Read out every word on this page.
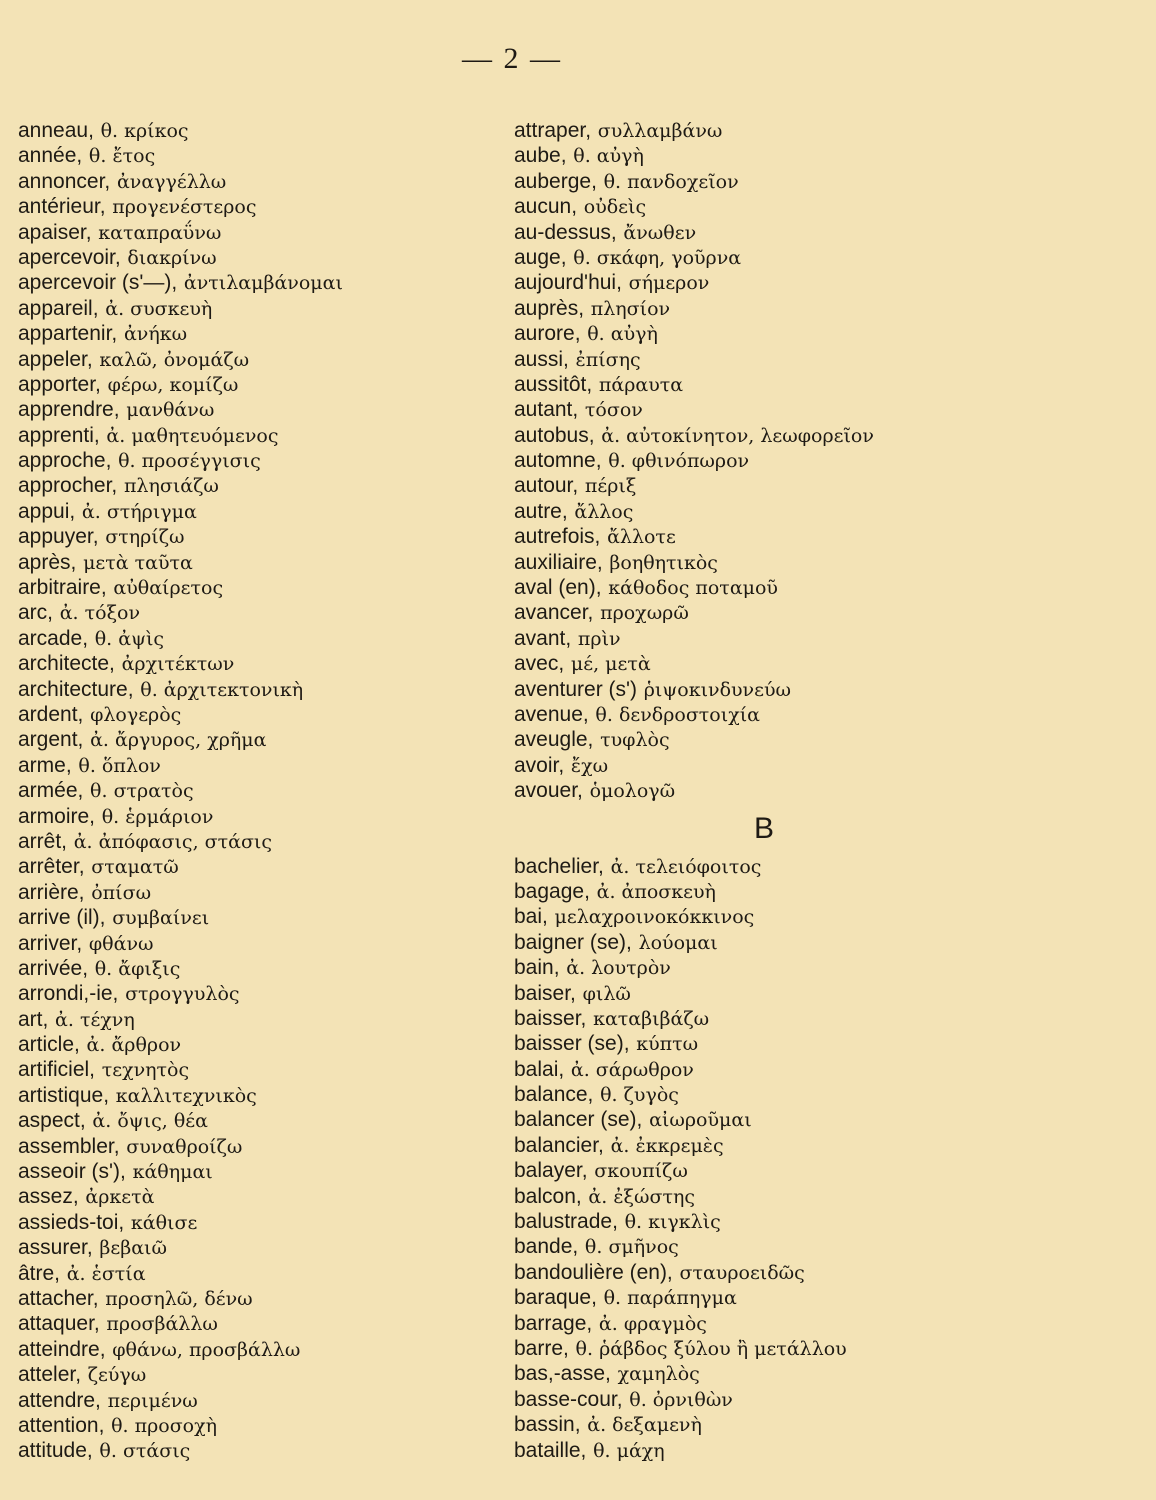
— 2 —
anneau, θ. κρίκος
année, θ. ἔτος
annoncer, ἀναγγέλλω
antérieur, προγενέστερος
apaiser, καταπραΰνω
apercevoir, διακρίνω
apercevoir (s'—), ἀντιλαμβάνομαι
appareil, ἀ. συσκευὴ
appartenir, ἀνήκω
appeler, καλῶ, ὀνομάζω
apporter, φέρω, κομίζω
apprendre, μανθάνω
apprenti, ἀ. μαθητευόμενος
approche, θ. προσέγγισις
approcher, πλησιάζω
appui, ἀ. στήριγμα
appuyer, στηρίζω
après, μετὰ ταῦτα
arbitraire, αὐθαίρετος
arc, ἀ. τόξον
arcade, θ. ἀψὶς
architecte, ἀρχιτέκτων
architecture, θ. ἀρχιτεκτονικὴ
ardent, φλογερὸς
argent, ἀ. ἄργυρος, χρῆμα
arme, θ. ὅπλον
armée, θ. στρατὸς
armoire, θ. ἑρμάριον
arrêt, ἀ. ἀπόφασις, στάσις
arrêter, σταματῶ
arrière, ὀπίσω
arrive (il), συμβαίνει
arriver, φθάνω
arrivée, θ. ἄφιξις
arrondi,-ie, στρογγυλὸς
art, ἀ. τέχνη
article, ἀ. ἄρθρον
artificiel, τεχνητὸς
artistique, καλλιτεχνικὸς
aspect, ἀ. ὄψις, θέα
assembler, συναθροίζω
asseoir (s'), κάθημαι
assez, ἀρκετὰ
assieds-toi, κάθισε
assurer, βεβαιῶ
âtre, ἀ. ἑστία
attacher, προσηλῶ, δένω
attaquer, προσβάλλω
atteindre, φθάνω, προσβάλλω
atteler, ζεύγω
attendre, περιμένω
attention, θ. προσοχὴ
attitude, θ. στάσις
attraper, συλλαμβάνω
aube, θ. αὐγὴ
auberge, θ. πανδοχεῖον
aucun, οὐδεὶς
au-dessus, ἄνωθεν
auge, θ. σκάφη, γοῦρνα
aujourd'hui, σήμερον
auprès, πλησίον
aurore, θ. αὐγὴ
aussi, ἐπίσης
aussitôt, πάραυτα
autant, τόσον
autobus, ἀ. αὐτοκίνητον, λεωφορεῖον
automne, θ. φθινόπωρον
autour, πέριξ
autre, ἄλλος
autrefois, ἄλλοτε
auxiliaire, βοηθητικὸς
aval (en), κάθοδος ποταμοῦ
avancer, προχωρῶ
avant, πρὶν
avec, μέ, μετὰ
aventurer (s') ῥιψοκινδυνεύω
avenue, θ. δενδροστοιχία
aveugle, τυφλὸς
avoir, ἔχω
avouer, ὁμολογῶ
B
bachelier, ἀ. τελειόφοιτος
bagage, ἀ. ἀποσκευὴ
bai, μελαχροινοκόκκινος
baigner (se), λούομαι
bain, ἀ. λουτρὸν
baiser, φιλῶ
baisser, καταβιβάζω
baisser (se), κύπτω
balai, ἀ. σάρωθρον
balance, θ. ζυγὸς
balancer (se), αἰωροῦμαι
balancier, ἀ. ἐκκρεμὲς
balayer, σκουπίζω
balcon, ἀ. ἐξώστης
balustrade, θ. κιγκλὶς
bande, θ. σμῆνος
bandoulière (en), σταυροειδῶς
baraque, θ. παράπηγμα
barrage, ἀ. φραγμὸς
barre, θ. ῥάβδος ξύλου ἢ μετάλλου
bas,-asse, χαμηλὸς
basse-cour, θ. ὀρνιθὼν
bassin, ἀ. δεξαμενὴ
bataille, θ. μάχη
